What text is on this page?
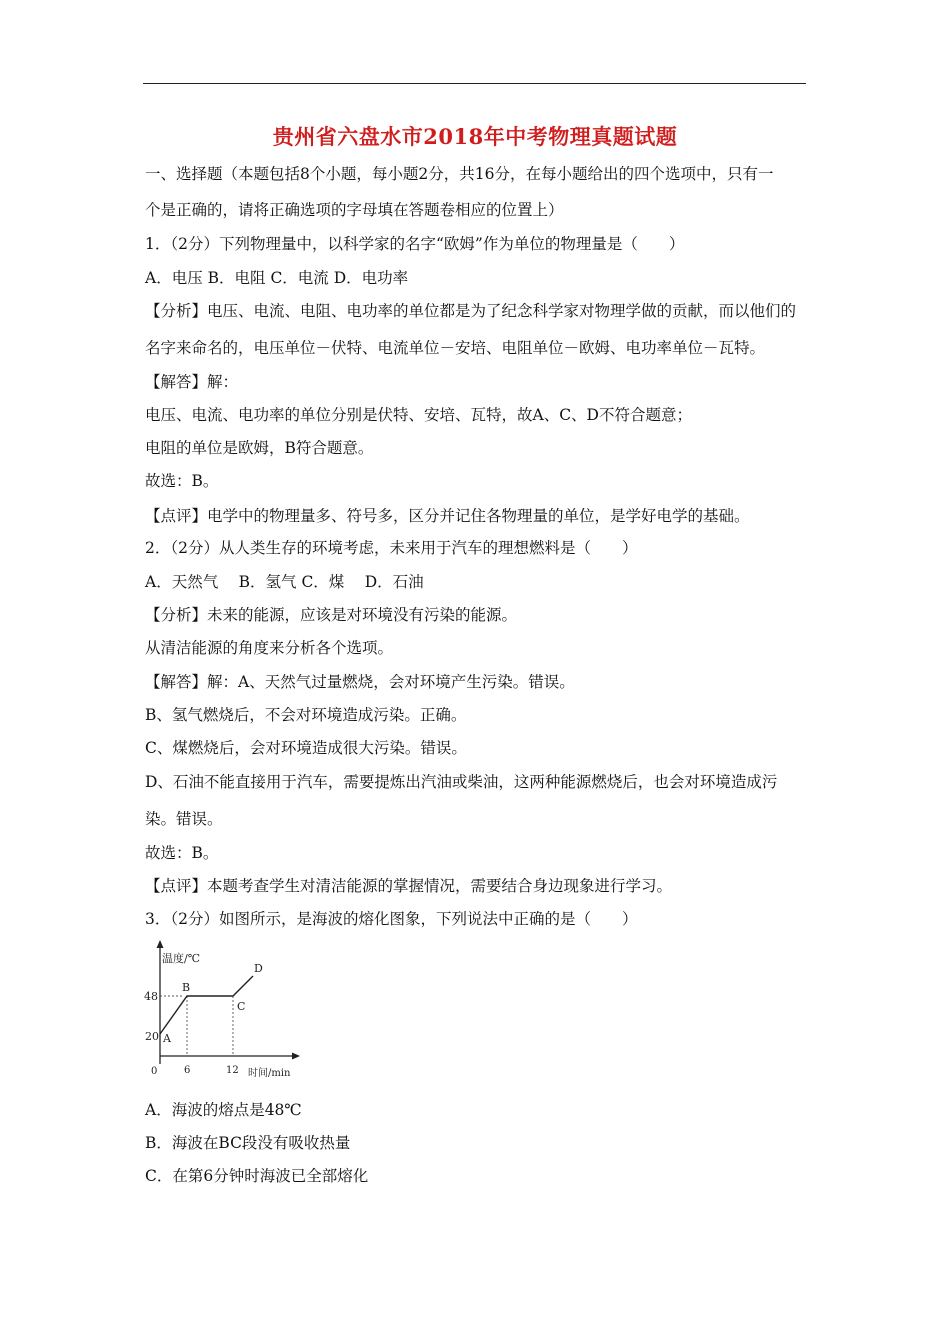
贵州省六盘水市2018年中考物理真题试题
一、选择题（本题包括8个小题，每小题2分，共16分，在每小题给出的四个选项中，只有一
个是正确的，请将正确选项的字母填在答题卷相应的位置上）
1．（2分）下列物理量中，以科学家的名字“欧姆”作为单位的物理量是（　　）
A．电压 B．电阻 C．电流 D．电功率
【分析】电压、电流、电阻、电功率的单位都是为了纪念科学家对物理学做的贡献，而以他们的
名字来命名的，电压单位－伏特、电流单位－安培、电阻单位－欧姆、电功率单位－瓦特。
【解答】解：
电压、电流、电功率的单位分别是伏特、安培、瓦特，故A、C、D不符合题意；
电阻的单位是欧姆，B符合题意。
故选：B。
【点评】电学中的物理量多、符号多，区分并记住各物理量的单位，是学好电学的基础。
2．（2分）从人类生存的环境考虑，未来用于汽车的理想燃料是（　　）
A．天然气　 B．氢气 C．煤　 D．石油
【分析】未来的能源，应该是对环境没有污染的能源。
从清洁能源的角度来分析各个选项。
【解答】解：A、天然气过量燃烧，会对环境产生污染。错误。
B、氢气燃烧后，不会对环境造成污染。正确。
C、煤燃烧后，会对环境造成很大污染。错误。
D、石油不能直接用于汽车，需要提炼出汽油或柴油，这两种能源燃烧后，也会对环境造成污
染。错误。
故选：B。
【点评】本题考查学生对清洁能源的掌握情况，需要结合身边现象进行学习。
3．（2分）如图所示，是海波的熔化图象，下列说法中正确的是（　　）
温度/℃
时间/min
0
48
20
6	12
A
B
C
D
A．海波的熔点是48℃
B．海波在BC段没有吸收热量
C．在第6分钟时海波已全部熔化
